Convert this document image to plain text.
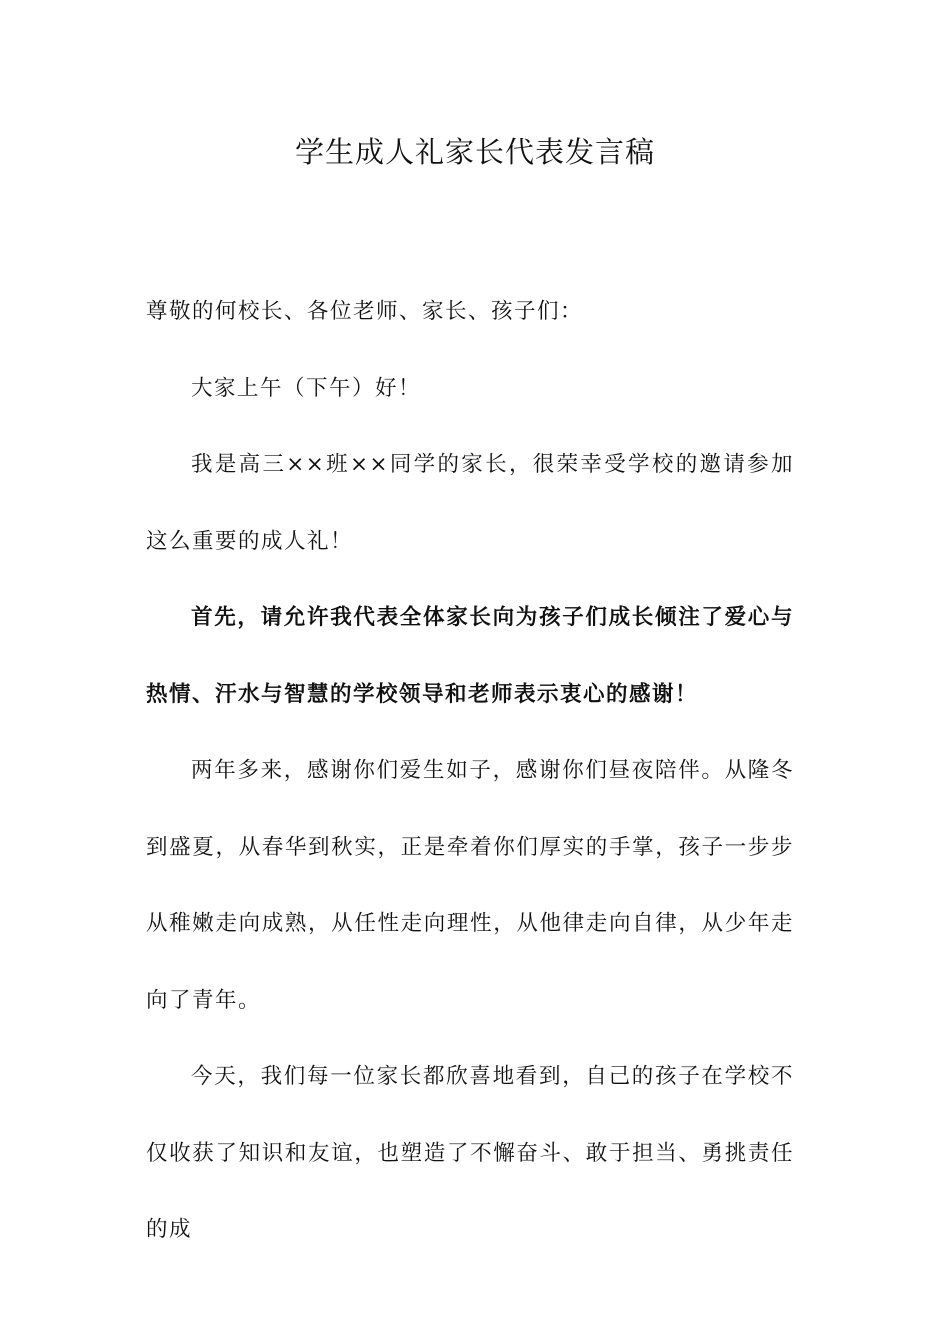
学生成人礼家长代表发言稿

尊敬的何校长、各位老师、家长、孩子们：

大家上午（下午）好！

我是高三××班××同学的家长，很荣幸受学校的邀请参加这么重要的成人礼！

首先，请允许我代表全体家长向为孩子们成长倾注了爱心与热情、汗水与智慧的学校领导和老师表示衷心的感谢！

两年多来，感谢你们爱生如子，感谢你们昼夜陪伴。从隆冬到盛夏，从春华到秋实，正是牵着你们厚实的手掌，孩子一步步从稚嫩走向成熟，从任性走向理性，从他律走向自律，从少年走向了青年。

今天，我们每一位家长都欣喜地看到，自己的孩子在学校不仅收获了知识和友谊，也塑造了不懈奋斗、敢于担当、勇挑责任的成
